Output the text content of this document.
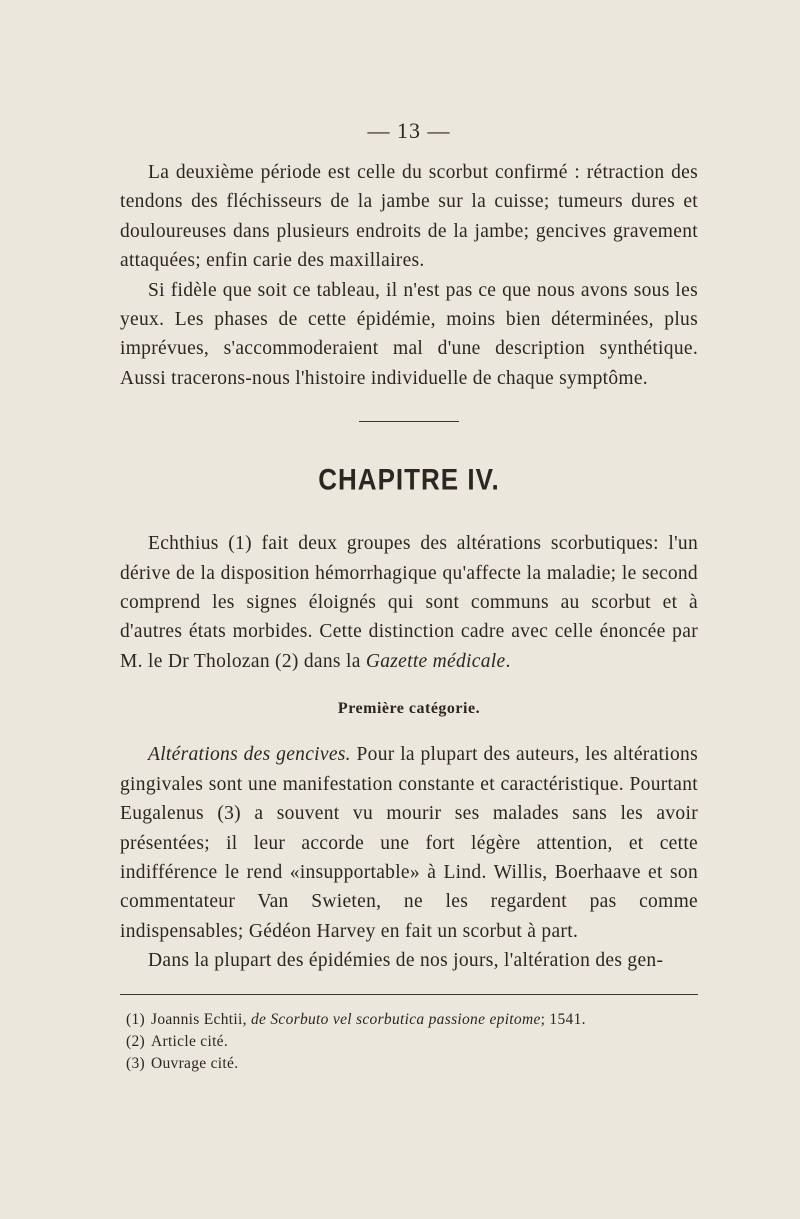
— 13 —

La deuxième période est celle du scorbut confirmé : rétraction des tendons des fléchisseurs de la jambe sur la cuisse; tumeurs dures et douloureuses dans plusieurs endroits de la jambe; gencives gravement attaquées; enfin carie des maxillaires.

Si fidèle que soit ce tableau, il n'est pas ce que nous avons sous les yeux. Les phases de cette épidémie, moins bien déterminées, plus imprévues, s'accommoderaient mal d'une description synthétique. Aussi tracerons-nous l'histoire individuelle de chaque symptôme.

CHAPITRE IV.

Echthius (1) fait deux groupes des altérations scorbutiques: l'un dérive de la disposition hémorrhagique qu'affecte la maladie; le second comprend les signes éloignés qui sont communs au scorbut et à d'autres états morbides. Cette distinction cadre avec celle énoncée par M. le Dr Tholozan (2) dans la Gazette médicale.

Première catégorie.

Altérations des gencives. Pour la plupart des auteurs, les altérations gingivales sont une manifestation constante et caractéristique. Pourtant Eugalenus (3) a souvent vu mourir ses malades sans les avoir présentées; il leur accorde une fort légère attention, et cette indifférence le rend «insupportable» à Lind. Willis, Boerhaave et son commentateur Van Swieten, ne les regardent pas comme indispensables; Gédéon Harvey en fait un scorbut à part.

Dans la plupart des épidémies de nos jours, l'altération des gen-

(1) Joannis Echtii, de Scorbuto vel scorbutica passione epitome; 1541.
(2) Article cité.
(3) Ouvrage cité.
